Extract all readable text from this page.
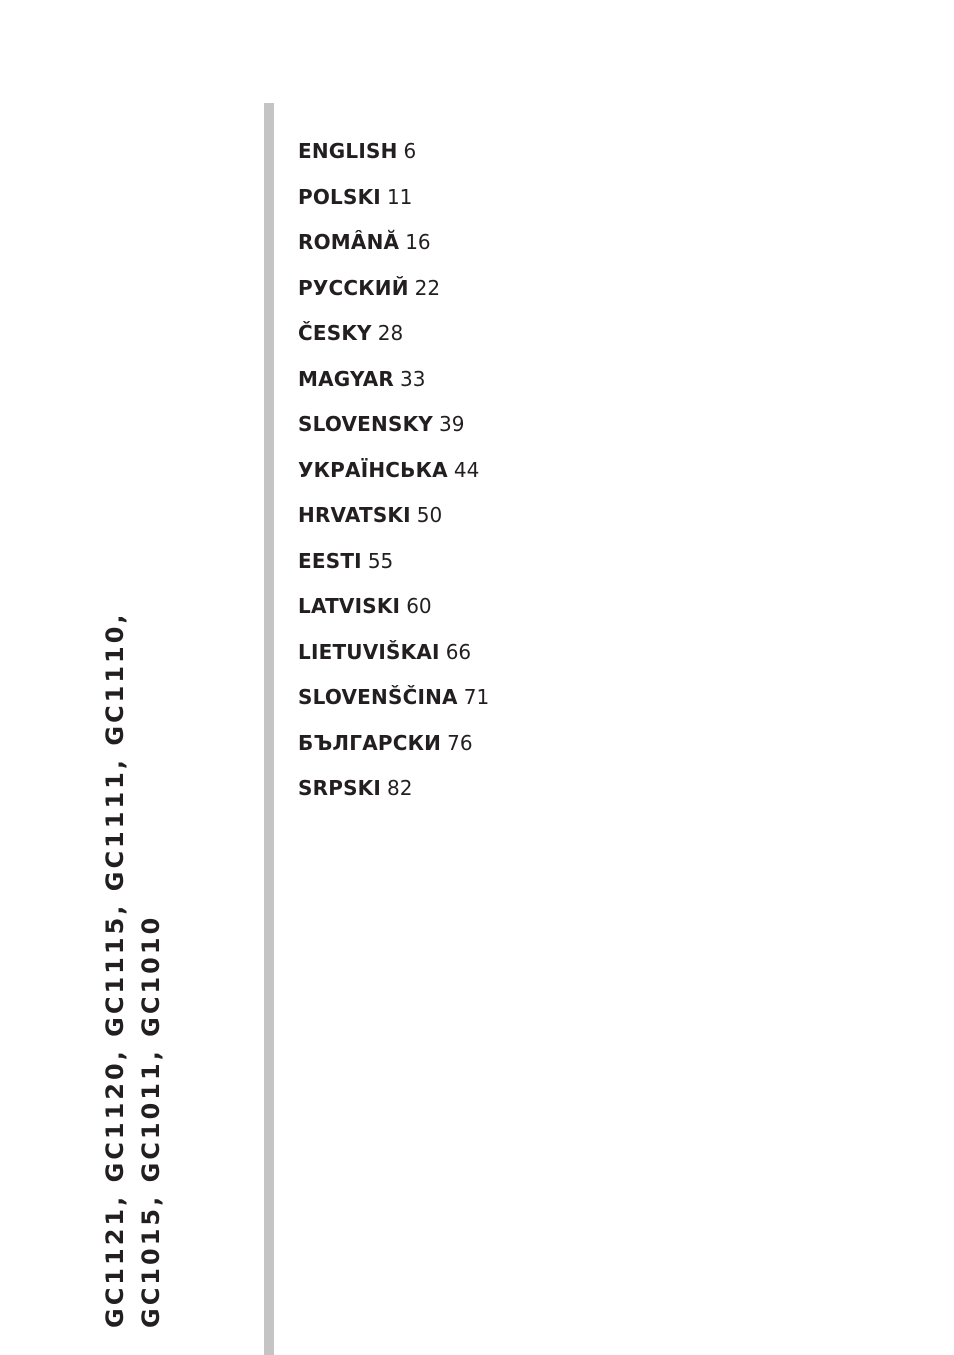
ENGLISH 6
POLSKI 11
ROMÂNĂ 16
РУССКИЙ 22
ČESKY 28
MAGYAR 33
SLOVENSKY 39
УКРАЇНСЬКА 44
HRVATSKI 50
EESTI 55
LATVISKI 60
LIETUVIŠKAI 66
SLOVENŠČINA 71
БЪЛГАРСКИ 76
SRPSKI 82
GC1121, GC1120, GC1115, GC1111, GC1110, GC1015, GC1011, GC1010
